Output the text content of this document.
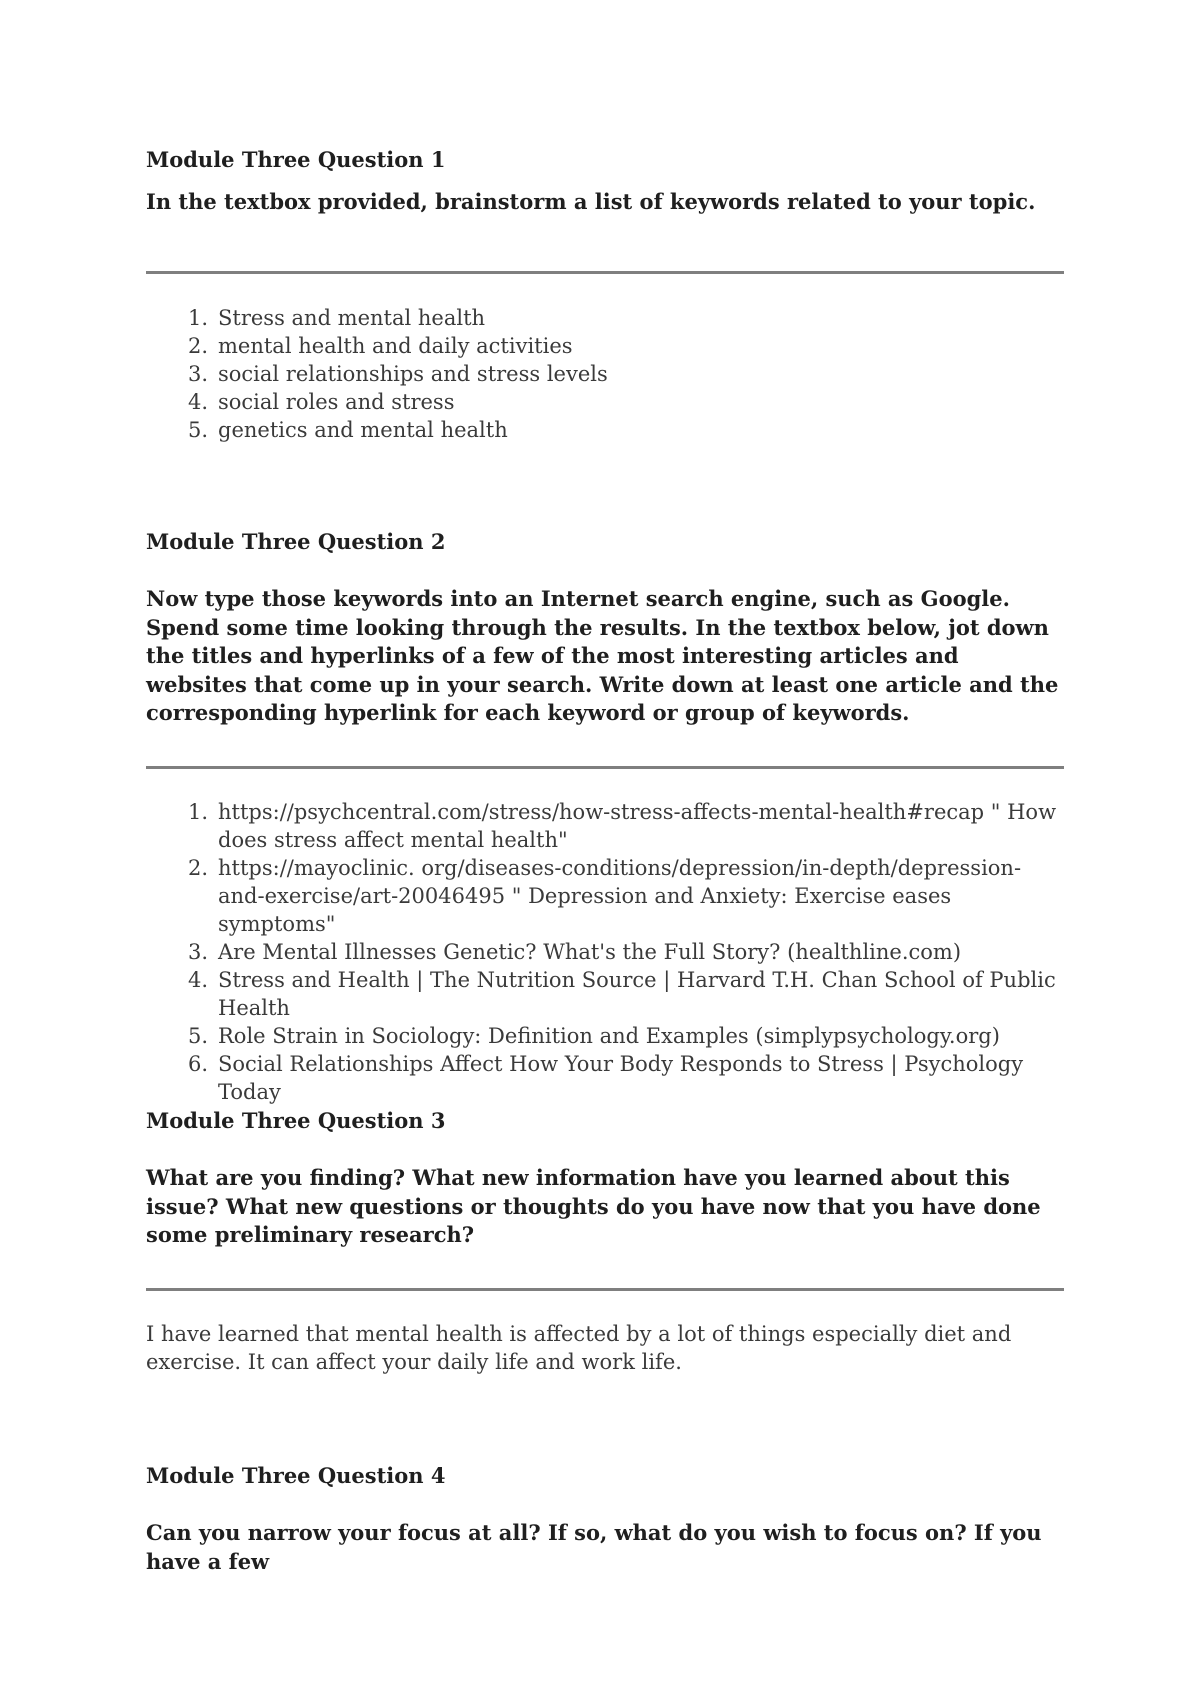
Module Three Question 1

In the textbox provided, brainstorm a list of keywords related to your topic.

1. Stress and mental health
2. mental health and daily activities
3. social relationships and stress levels
4. social roles and stress
5. genetics and mental health
Module Three Question 2

Now type those keywords into an Internet search engine, such as Google. Spend some time looking through the results. In the textbox below, jot down the titles and hyperlinks of a few of the most interesting articles and websites that come up in your search. Write down at least one article and the corresponding hyperlink for each keyword or group of keywords.

1. https://psychcentral.com/stress/how-stress-affects-mental-health#recap " How does stress affect mental health"
2. https://mayoclinic. org/diseases-conditions/depression/in-depth/depression-and-exercise/art-20046495 " Depression and Anxiety: Exercise eases symptoms"
3. Are Mental Illnesses Genetic? What's the Full Story? (healthline.com)
4. Stress and Health | The Nutrition Source | Harvard T.H. Chan School of Public Health
5. Role Strain in Sociology: Definition and Examples (simplypsychology.org)
6. Social Relationships Affect How Your Body Responds to Stress | Psychology Today
Module Three Question 3

What are you finding? What new information have you learned about this issue? What new questions or thoughts do you have now that you have done some preliminary research?

I have learned that mental health is affected by a lot of things especially diet and exercise. It can affect your daily life and work life.

Module Three Question 4

Can you narrow your focus at all? If so, what do you wish to focus on? If you have a few
